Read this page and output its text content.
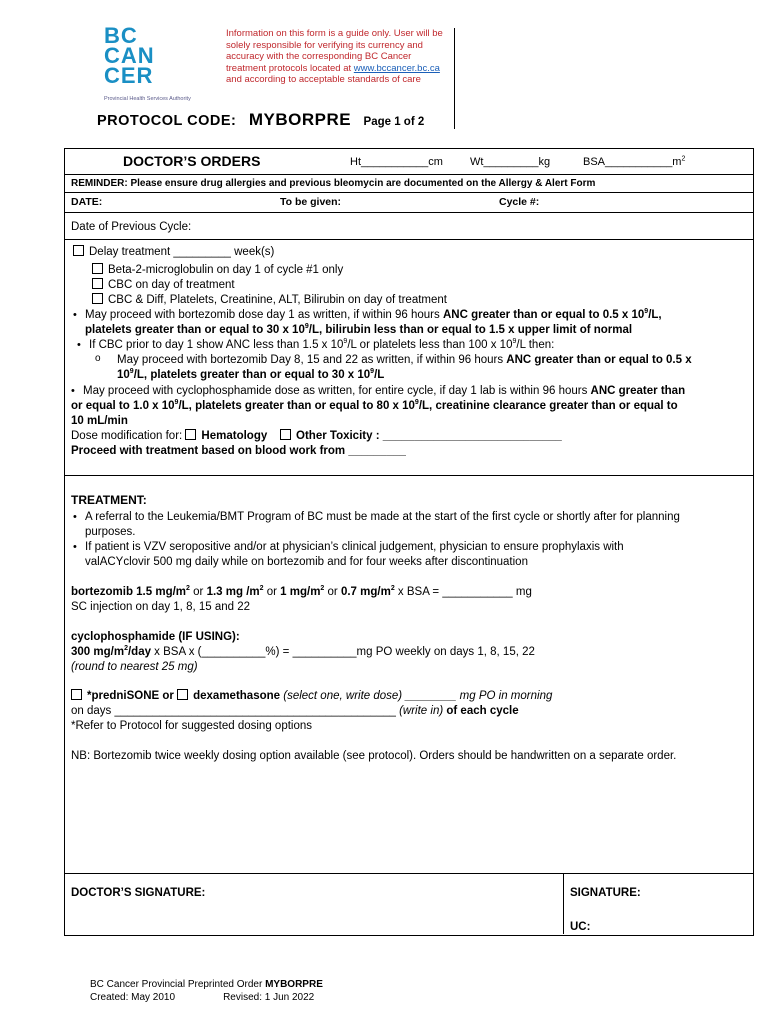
BC
CAN
CER
Provincial Health Services Authority
Information on this form is a guide only. User will be solely responsible for verifying its currency and accuracy with the corresponding BC Cancer treatment protocols located at www.bccancer.bc.ca and according to acceptable standards of care
PROTOCOL CODE: MYBORPRE Page 1 of 2
DOCTOR’S ORDERS	Ht___________cm Wt_________kg	$BSA\_\_\_\_\_\_\_\_\_\_\_m^2$
REMINDER: Please ensure drug allergies and previous bleomycin are documented on the Allergy & Alert Form
DATE:	To be given:	Cycle #:
Date of Previous Cycle:
Delay treatment _________ week(s)
Beta-2-microglobulin on day 1 of cycle #1 only
CBC on day of treatment
CBC & Diff, Platelets, Creatinine, ALT, Bilirubin on day of treatment
• May proceed with bortezomib dose day 1 as written, if within 96 hours ANC greater than or equal to 0.5 x $10^9/L$,
platelets greater than or equal to 30 x $10^9/L$, bilirubin less than or equal to 1.5 x upper limit of normal
• If CBC prior to day 1 show ANC less than 1.5 x $10^9/L$ or platelets less than 100 x $10^9/L$ then:
o May proceed with bortezomib Day 8, 15 and 22 as written, if within 96 hours ANC greater than or equal to 0.5 x
$10^9/L$, platelets greater than or equal to 30 x $10^9/L$
• May proceed with cyclophosphamide dose as written, for entire cycle, if day 1 lab is within 96 hours ANC greater than
or equal to 1.0 x $10^9/L$, platelets greater than or equal to 80 x $10^9/L$, creatinine clearance greater than or equal to
10 mL/min
Dose modification for: Hematology	Other Toxicity : ____________________________
Proceed with treatment based on blood work from _________
TREATMENT:
• A referral to the Leukemia/BMT Program of BC must be made at the start of the first cycle or shortly after for planning
purposes.
• If patient is VZV seropositive and/or at physician’s clinical judgement, physician to ensure prophylaxis with
valACYclovir 500 mg daily while on bortezomib and for four weeks after discontinuation
bortezomib 1.5 $mg/m^2$ or 1.3 mg $/m^2$ or 1 $mg/m^2$ or 0.7 $mg/m^2$ x BSA = ___________ mg
SC injection on day 1, 8, 15 and 22
cyclophosphamide (IF USING):
300 $mg/m^2$/day x BSA x (__________%) = __________mg PO weekly on days 1, 8, 15, 22
(round to nearest 25 mg)
*predniSONE or dexamethasone (select one, write dose) ________ mg PO in morning
on days ____________________________________________ (write in) of each cycle
*Refer to Protocol for suggested dosing options
NB: Bortezomib twice weekly dosing option available (see protocol). Orders should be handwritten on a separate order.
DOCTOR’S SIGNATURE:	SIGNATURE:
UC:
BC Cancer Provincial Preprinted Order MYBORPRE
Created: May 2010	Revised: 1 Jun 2022
